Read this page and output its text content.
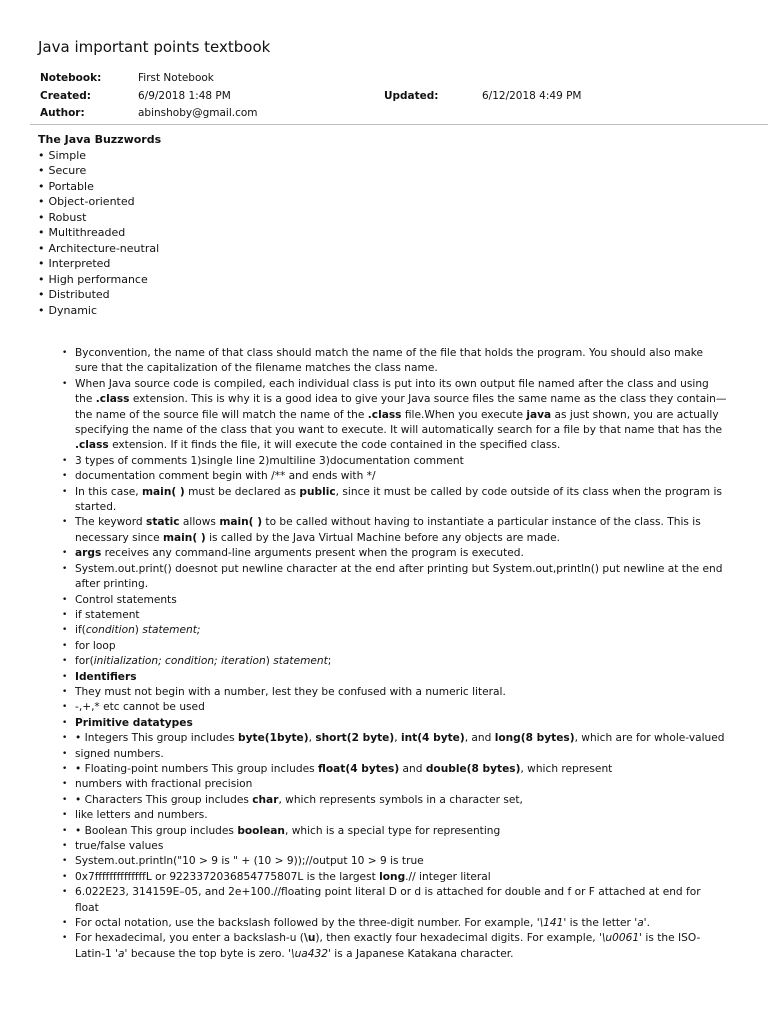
Java important points textbook
Notebook:	First Notebook
Created:	6/9/2018 1:48 PM	Updated:	6/12/2018 4:49 PM
Author:	abinshoby@gmail.com
The Java Buzzwords
• Simple
• Secure
• Portable
• Object-oriented
• Robust
• Multithreaded
• Architecture-neutral
• Interpreted
• High performance
• Distributed
• Dynamic
• Byconvention, the name of that class should match the name of the file that holds the program. You should also make sure that the capitalization of the filename matches the class name.
• When Java source code is compiled, each individual class is put into its own output file named after the class and using the .class extension. This is why it is a good idea to give your Java source files the same name as the class they contain—the name of the source file will match the name of the .class file.When you execute java as just shown, you are actually specifying the name of the class that you want to execute. It will automatically search for a file by that name that has the .class extension. If it finds the file, it will execute the code contained in the specified class.
• 3 types of comments 1)single line 2)multiline 3)documentation comment
• documentation comment begin with /** and ends with */
• In this case, main( ) must be declared as public, since it must be called by code outside of its class when the program is started.
• The keyword static allows main( ) to be called without having to instantiate a particular instance of the class. This is necessary since main( ) is called by the Java Virtual Machine before any objects are made.
• args receives any command-line arguments present when the program is executed.
• System.out.print() doesnot put newline character at the end after printing but System.out,println() put newline at the end after printing.
• Control statements
• if statement
• if(condition) statement;
• for loop
• for(initialization; condition; iteration) statement;
• Identifiers
• They must not begin with a number, lest they be confused with a numeric literal.
• -,+,* etc cannot be used
• Primitive datatypes
• • Integers This group includes byte(1byte), short(2 byte), int(4 byte), and long(8 bytes), which are for whole-valued
• signed numbers.
• • Floating-point numbers This group includes float(4 bytes) and double(8 bytes), which represent
• numbers with fractional precision
• • Characters This group includes char, which represents symbols in a character set,
• like letters and numbers.
• • Boolean This group includes boolean, which is a special type for representing
• true/false values
• System.out.println("10 > 9 is " + (10 > 9));//output 10 > 9 is true
• 0x7ffffffffffffffL or 9223372036854775807L is the largest long.// integer literal
• 6.022E23, 314159E–05, and 2e+100.//floating point literal D or d is attached for double and f or F attached at end for float
• For octal notation, use the backslash followed by the three-digit number. For example, '\141' is the letter 'a'.
• For hexadecimal, you enter a backslash-u (\u), then exactly four hexadecimal digits. For example, '\u0061' is the ISO-Latin-1 'a' because the top byte is zero. '\ua432' is a Japanese Katakana character.
